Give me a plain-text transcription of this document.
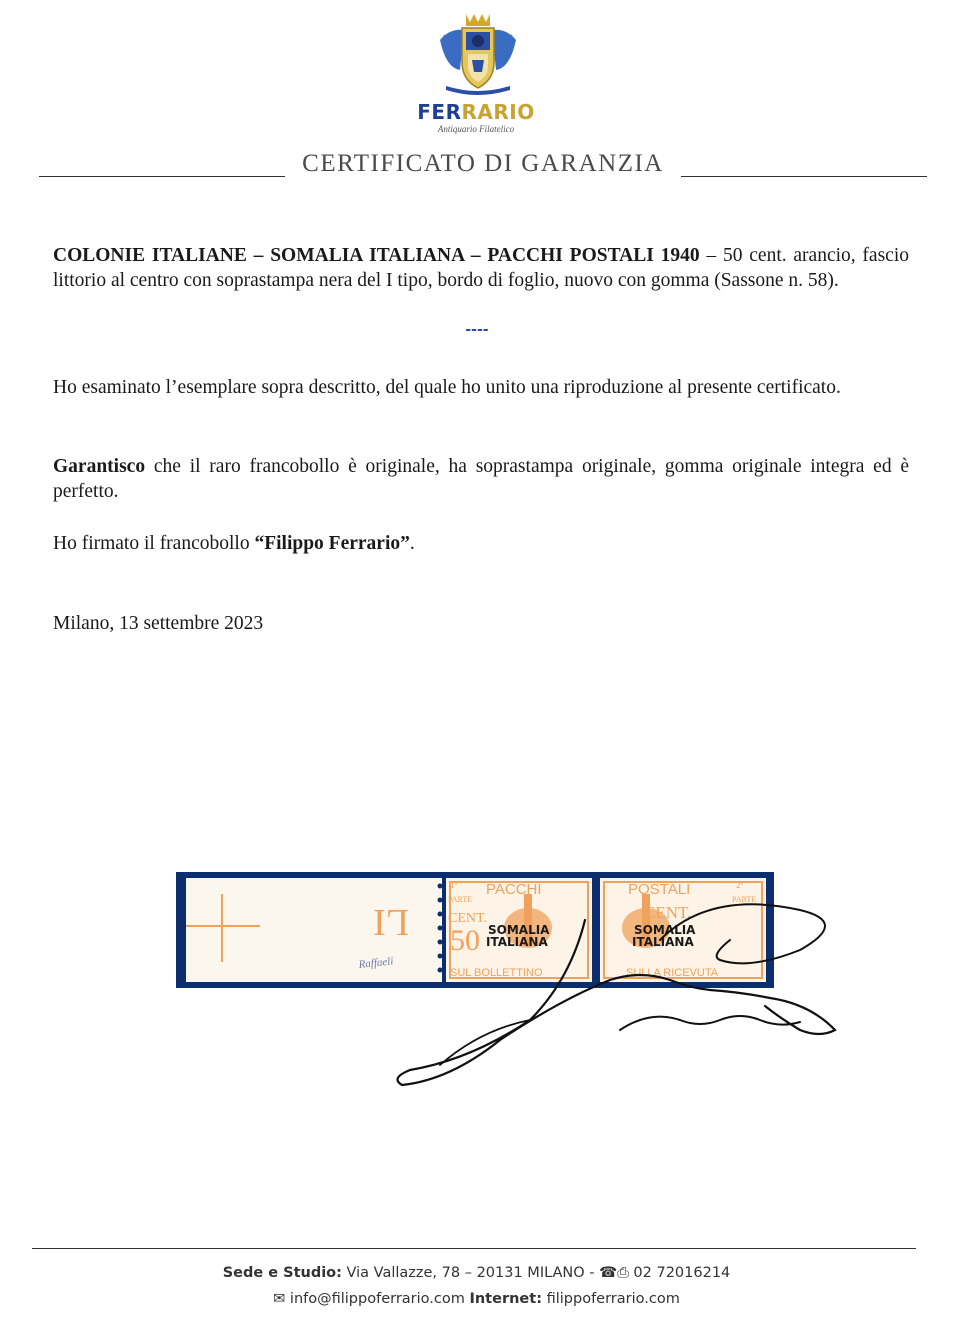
FERRARIO
Antiquario Filatelico
CERTIFICATO DI GARANZIA
COLONIE ITALIANE – SOMALIA ITALIANA – PACCHI POSTALI 1940 – 50 cent. arancio, fascio littorio al centro con soprastampa nera del I tipo, bordo di foglio, nuovo con gomma (Sassone n. 58).
----
Ho esaminato l’esemplare sopra descritto, del quale ho unito una riproduzione al presente certificato.
Garantisco che il raro francobollo è originale, ha soprastampa originale, gomma originale integra ed è perfetto.
Ho firmato il francobollo “Filippo Ferrario”.
Milano, 13 settembre 2023
LI
Raffaeli
1ª
PARTE
PACCHI
CENT.
50
SUL BOLLETTINO
POSTALI	2ª
PARTE
CENT.
SULLA RICEVUTA
SOMALIA
ITALIANA
SOMALIA
ITALIANA
Sede e Studio: Via Vallazze, 78 – 20131 MILANO - ☎⎙ 02 72016214
✉ info@filippoferrario.com Internet: filippoferrario.com
